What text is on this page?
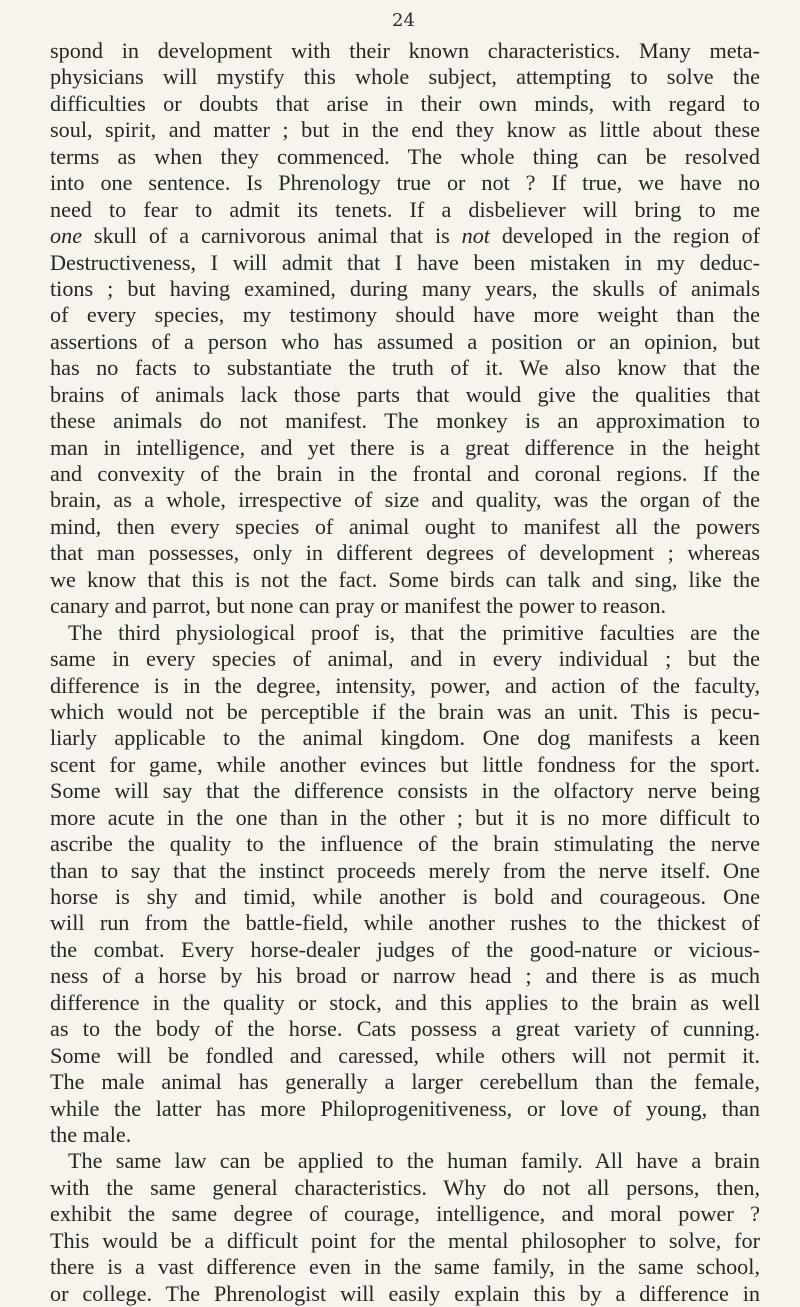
24
spond in development with their known characteristics. Many meta-
physicians will mystify this whole subject, attempting to solve the
difficulties or doubts that arise in their own minds, with regard to
soul, spirit, and matter ; but in the end they know as little about these
terms as when they commenced. The whole thing can be resolved
into one sentence. Is Phrenology true or not ? If true, we have no
need to fear to admit its tenets. If a disbeliever will bring to me
one skull of a carnivorous animal that is not developed in the region of
Destructiveness, I will admit that I have been mistaken in my deduc-
tions ; but having examined, during many years, the skulls of animals
of every species, my testimony should have more weight than the
assertions of a person who has assumed a position or an opinion, but
has no facts to substantiate the truth of it. We also know that the
brains of animals lack those parts that would give the qualities that
these animals do not manifest. The monkey is an approximation to
man in intelligence, and yet there is a great difference in the height
and convexity of the brain in the frontal and coronal regions. If the
brain, as a whole, irrespective of size and quality, was the organ of the
mind, then every species of animal ought to manifest all the powers
that man possesses, only in different degrees of development ; whereas
we know that this is not the fact. Some birds can talk and sing, like the
canary and parrot, but none can pray or manifest the power to reason.
The third physiological proof is, that the primitive faculties are the
same in every species of animal, and in every individual ; but the
difference is in the degree, intensity, power, and action of the faculty,
which would not be perceptible if the brain was an unit. This is pecu-
liarly applicable to the animal kingdom. One dog manifests a keen
scent for game, while another evinces but little fondness for the sport.
Some will say that the difference consists in the olfactory nerve being
more acute in the one than in the other ; but it is no more difficult to
ascribe the quality to the influence of the brain stimulating the nerve
than to say that the instinct proceeds merely from the nerve itself. One
horse is shy and timid, while another is bold and courageous. One
will run from the battle-field, while another rushes to the thickest of
the combat. Every horse-dealer judges of the good-nature or vicious-
ness of a horse by his broad or narrow head ; and there is as much
difference in the quality or stock, and this applies to the brain as well
as to the body of the horse. Cats possess a great variety of cunning.
Some will be fondled and caressed, while others will not permit it.
The male animal has generally a larger cerebellum than the female,
while the latter has more Philoprogenitiveness, or love of young, than
the male.
The same law can be applied to the human family. All have a brain
with the same general characteristics. Why do not all persons, then,
exhibit the same degree of courage, intelligence, and moral power ?
This would be a difficult point for the mental philosopher to solve, for
there is a vast difference even in the same family, in the same school,
or college. The Phrenologist will easily explain this by a difference in
